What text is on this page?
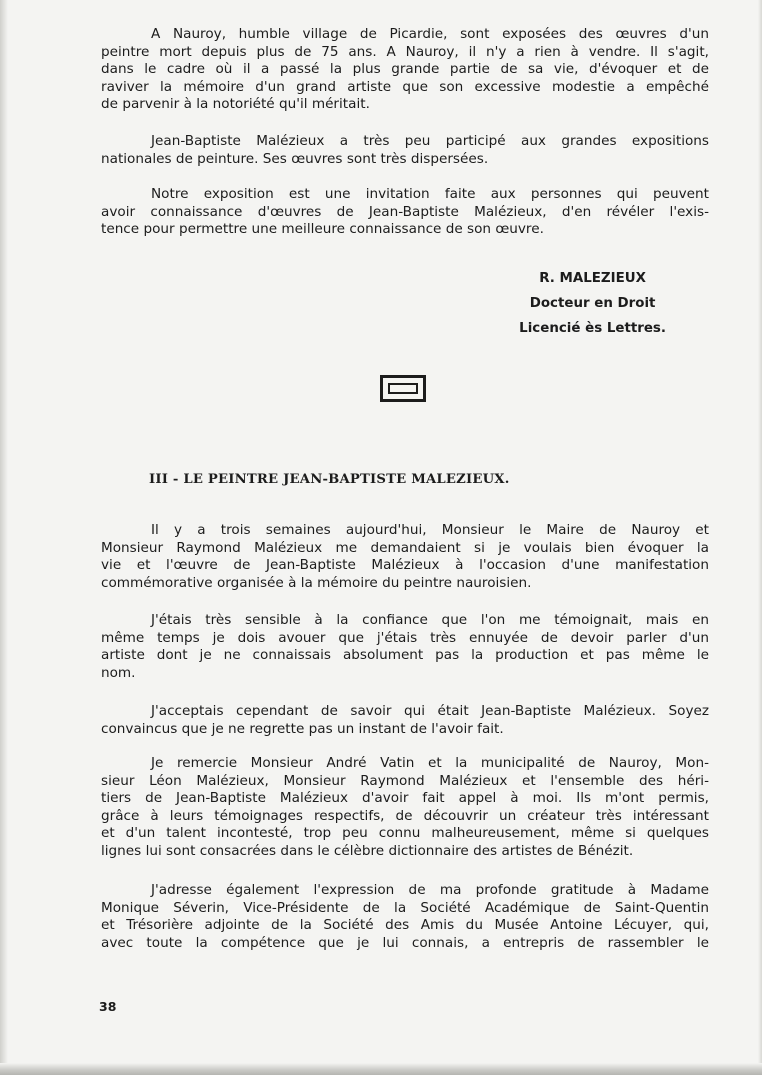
A Nauroy, humble village de Picardie, sont exposées des œuvres d'un
peintre mort depuis plus de 75 ans. A Nauroy, il n'y a rien à vendre. Il s'agit,
dans le cadre où il a passé la plus grande partie de sa vie, d'évoquer et de
raviver la mémoire d'un grand artiste que son excessive modestie a empêché
de parvenir à la notoriété qu'il méritait.
Jean-Baptiste Malézieux a très peu participé aux grandes expositions
nationales de peinture. Ses œuvres sont très dispersées.
Notre exposition est une invitation faite aux personnes qui peuvent
avoir connaissance d'œuvres de Jean-Baptiste Malézieux, d'en révéler l'exis-
tence pour permettre une meilleure connaissance de son œuvre.
R. MALEZIEUX
Docteur en Droit
Licencié ès Lettres.
III - LE PEINTRE JEAN-BAPTISTE MALEZIEUX.
Il y a trois semaines aujourd'hui, Monsieur le Maire de Nauroy et
Monsieur Raymond Malézieux me demandaient si je voulais bien évoquer la
vie et l'œuvre de Jean-Baptiste Malézieux à l'occasion d'une manifestation
commémorative organisée à la mémoire du peintre nauroisien.
J'étais très sensible à la confiance que l'on me témoignait, mais en
même temps je dois avouer que j'étais très ennuyée de devoir parler d'un
artiste dont je ne connaissais absolument pas la production et pas même le
nom.
J'acceptais cependant de savoir qui était Jean-Baptiste Malézieux. Soyez
convaincus que je ne regrette pas un instant de l'avoir fait.
Je remercie Monsieur André Vatin et la municipalité de Nauroy, Mon-
sieur Léon Malézieux, Monsieur Raymond Malézieux et l'ensemble des héri-
tiers de Jean-Baptiste Malézieux d'avoir fait appel à moi. Ils m'ont permis,
grâce à leurs témoignages respectifs, de découvrir un créateur très intéressant
et d'un talent incontesté, trop peu connu malheureusement, même si quelques
lignes lui sont consacrées dans le célèbre dictionnaire des artistes de Bénézit.
J'adresse également l'expression de ma profonde gratitude à Madame
Monique Séverin, Vice-Présidente de la Société Académique de Saint-Quentin
et Trésorière adjointe de la Société des Amis du Musée Antoine Lécuyer, qui,
avec toute la compétence que je lui connais, a entrepris de rassembler le
38
